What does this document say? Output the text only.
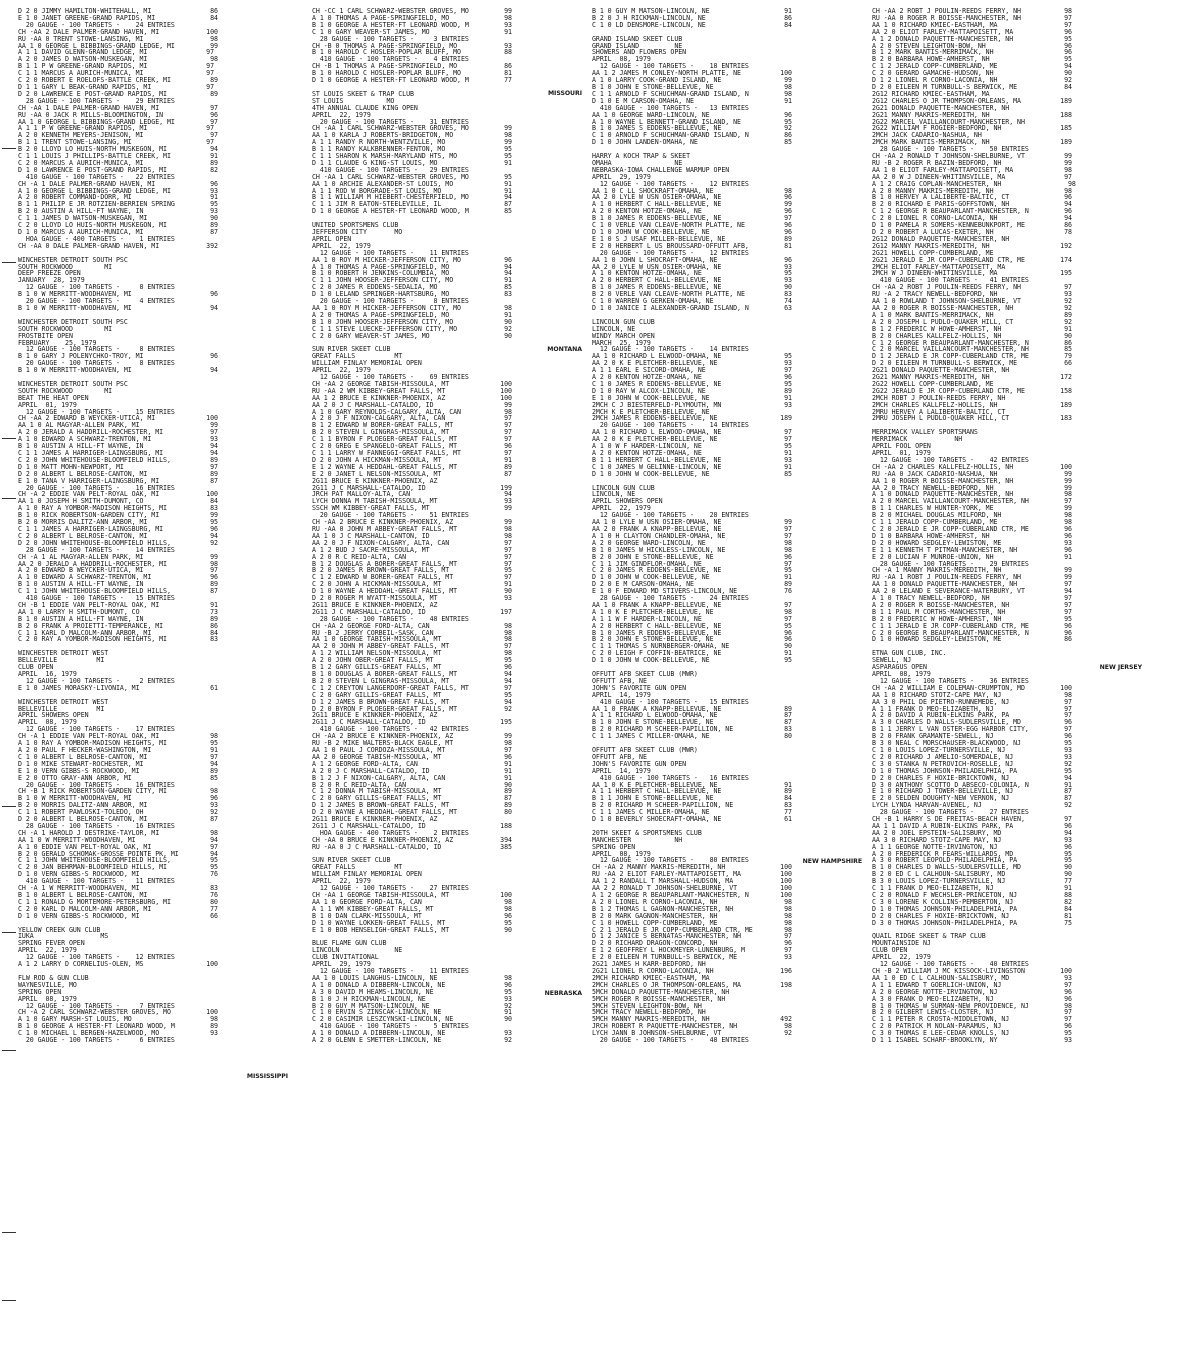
D 2 0 JIMMY HAMILTON-WHITEHALL, MI               86
E 1 0 JANET GREENE-GRAND RAPIDS, MI              84
20 GAUGE - 100 TARGETS -    24 ENTRIES
CH -AA 2 DALE PALMER-GRAND HAVEN, MI            100
RU -AA 0 TRENT STOWE-LANSING, MI                 98
AA 1 0 GEORGE L BIBBINGS-GRAND LEDGE, MI         99
A 1 1 DAVID GLENN-GRAND LEDGE, MI               97
A 2 0 JAMES D WATSON-MUSKEGAN, MI                98
B 1 1 P W GREENE-GRAND RAPIDS, MI               97
C 1 1 MARCUS A AURICH-MUNICA, MI                97
C 2 0 ROBERT E ROELOFS-BATTLE CREEK, MI          89
D 1 1 GARY L BEAK-GRAND RAPIDS, MI              97
D 2 0 LAWRENCE E POST-GRAND RAPIDS, MI           89
28 GAUGE - 100 TARGETS -    29 ENTRIES
CH -AA 1 DALE PALMER-GRAND HAVEN, MI             97
RU -AA 0 JACK R MILLS-BLOOMINGTON, IN            96
AA 1 0 GEORGE L BIBBINGS-GRAND LEDGE, MI         97
A 1 1 P W GREENE-GRAND RAPIDS, MI               97
A 2 0 KENNETH MEYERS-JENISON, MI                 97
B 1 1 TRENT STOWE-LANSING, MI                   97
B 2 0 LLOYD LO HUIS-NORTH MUSKEGON, MI           94
C 1 1 LOUIS J PHILLIPS-BATTLE CREEK, MI          91
C 2 0 MARCUS A AURICH-MUNICA, MI                 89
D 1 0 LAWRENCE E POST-GRAND RAPIDS, MI           82
410 GAUGE - 100 TARGETS -   22 ENTRIES
CH -A 1 DALE PALMER-GRAND HAVEN, MI              96
A 1 0 GEORGE L BIBBINGS-GRAND LEDGE, MI          93
A 2 0 ROBERT COMMAND-DORR, MI                    91
B 1 1 PHILIP E JR ROTZIEN-BERRIEN SPRING         95
B 2 0 AUSTIN A HILL-FT WAYNE, IN                 93
C 1 1 JAMES D WATSON-MUSKEGAN, MI                90
C 2 0 LLOYD LO HUIS-NORTH MUSKEGON, MI           89
D 1 0 MARCUS A AURICH-MUNICA, MI                 87
HOA GAUGE - 400 TARGETS -    1 ENTRIES
CH -AA 0 DALE PALMER-GRAND HAVEN, MI            392
WINCHESTER DETROIT SOUTH PSC
SOUTH ROCKWOOD        MI
DEEP FREEZE OPEN
JANUARY  28, 1979
12 GAUGE - 100 TARGETS -     8 ENTRIES
B 1 0 W MERRITT-WOODHAVEN, MI                    96
20 GAUGE - 100 TARGETS -     4 ENTRIES
B 1 0 W MERRITT-WOODHAVEN, MI                    94
WINCHESTER DETROIT SOUTH PSC
SOUTH ROCKWOOD        MI
FROSTBITE OPEN
FEBRUARY    25, 1979
12 GAUGE - 100 TARGETS -     8 ENTRIES
B 1 0 GARY J POLENYCHKO-TROY, MI                 96
20 GAUGE - 100 TARGETS -     8 ENTRIES
B 1 0 W MERRITT-WOODHAVEN, MI                    94
WINCHESTER DETROIT SOUTH PSC
SOUTH ROCKWOOD        MI
BEAT THE HEAT OPEN
APRIL  01, 1979
12 GAUGE - 100 TARGETS -    15 ENTRIES
CH -AA 2 EDWARD B WEYCKER-UTICA, MI             100
AA 1 0 AL MAGYAR-ALLEN PARK, MI                  99
A 2 0 JERALD A HADDRILL-ROCHESTER, MI            97
A 1 0 EDWARD A SCHWARZ-TRENTON, MI               93
B 1 0 AUSTIN A HILL-FT WAYNE, IN                 94
C 1 1 JAMES A HARRIGER-LAINGSBURG, MI            94
C 2 0 JOHN WHITEHOUSE-BLOOMFIELD HILLS,          89
D 1 0 MATT MOHN-NEWPORT, MI                      97
D 2 0 ALBERT L BELROSE-CANTON, MI                89
E 1 0 TANA V HARRIGER-LAINGSBURG, MI             87
20 GAUGE - 100 TARGETS -    16 ENTRIES
CH -A 2 EDDIE VAN PELT-ROYAL OAK, MI            100
AA 1 0 JOSEPH H SMITH-DUMONT, CO                 84
A 1 0 RAY A YOMBOR-MADISON HEIGHTS, MI           83
B 1 0 RICK ROBERTSON-GARDEN CITY, MI             99
B 2 0 MORRIS DALITZ-ANN ARBOR, MI                95
C 1 1 JAMES A HARRIGER-LAINGSBURG, MI            96
C 2 0 ALBERT L BELROSE-CANTON, MI                94
D 2 0 JOHN WHITEHOUSE-BLOOMFIELD HILLS,          92
28 GAUGE - 100 TARGETS -    14 ENTRIES
CH -A 1 AL MAGYAR-ALLEN PARK, MI                 99
AA 2 0 JERALD A HADDRILL-ROCHESTER, MI           98
A 2 0 EDWARD B WEYCKER-UTICA, MI                 97
A 1 0 EDWARD A SCHWARZ-TRENTON, MI               96
B 1 0 AUSTIN A HILL-FT WAYNE, IN                 89
C 1 1 JOHN WHITEHOUSE-BLOOMFIELD HILLS,          87
410 GAUGE - 100 TARGETS -   15 ENTRIES
CH -B 1 EDDIE VAN PELT-ROYAL OAK, MI             91
AA 1 0 LARRY H SMITH-DUMONT, CO                  73
B 1 0 AUSTIN A HILL-FT WAYNE, IN                 89
B 2 0 FRANK A PROIETTI-TEMPERANCE, MI            86
C 1 1 KARL D MALCOLM-ANN ARBOR, MI               84
C 2 0 RAY A YOMBOR-MADISON HEIGHTS, MI           83
WINCHESTER DETROIT WEST
BELLEVILLE          MI
CLUB OPEN
APRIL  16, 1979
12 GAUGE - 100 TARGETS -     2 ENTRIES
E 1 0 JAMES MORASKY-LIVONIA, MI                  61
WINCHESTER DETROIT WEST
BELLEVILLE          MI
APRIL SHOWERS OPEN
APRIL  08, 1979
12 GAUGE - 100 TARGETS -    17 ENTRIES
CH -A 1 EDDIE VAN PELT-ROYAL OAK, MI             98
A 1 0 RAY A YOMBOR-MADISON HEIGHTS, MI           95
A 2 0 PAUL F HECKER-WASHINGTON, MI               91
C 1 0 ALBERT L BELROSE-CANTON, MI                97
D 1 0 MIKE STEWART-ROCHESTER, MI                 94
E 1 0 VERN GIBBS-S ROCKWOOD, MI                  89
E 2 0 OTTO GRAY-ANN ARBOR, MI                    85
20 GAUGE - 100 TARGETS -    16 ENTRIES
CH -B 1 RICK ROBERTSON-GARDEN CITY, MI           98
B 1 0 W MERRITT-WOODHAVEN, MI                    96
B 2 0 MORRIS DALITZ-ANN ARBOR, MI                93
C 1 1 ROBERT PAWLOSKI-TOLEDO, OH                 92
D 2 0 ALBERT L BELROSE-CANTON, MI                87
28 GAUGE - 100 TARGETS -    16 ENTRIES
CH -A 1 HAROLD J DESTRIKE-TAYLOR, MI             98
AA 1 0 W MERRITT-WOODHAVEN, MI                   94
A 1 0 EDDIE VAN PELT-ROYAL OAK, MI               97
B 2 0 GERALD SCHOMAK-GROSSE POINTE PK, MI        94
C 1 1 JOHN WHITEHOUSE-BLOOMFIELD HILLS,          95
C 2 0 JAN BEHRMAN-BLOOMFIELD HILLS, MI           95
D 1 0 VERN GIBBS-S ROCKWOOD, MI                  76
410 GAUGE - 100 TARGETS -   11 ENTRIES
CH -A 1 W MERRITT-WOODHAVEN, MI                  83
B 1 0 ALBERT L BELROSE-CANTON, MI                76
C 1 1 RONALD G MORTEMORE-PETERSBURG, MI          80
C 2 0 KARL D MALCOLM-ANN ARBOR, MI               77
D 1 0 VERN GIBBS-S ROCKWOOD, MI                  66
YELLOW CREEK GUN CLUB
IUKA                 MS
SPRING FEVER OPEN
APRIL  22, 1979
12 GAUGE - 100 TARGETS -    12 ENTRIES
A 1 2 LARRY D CORNELIUS-OLEN, MS                100
FLW ROD & GUN CLUB
WAYNESVILLE, MO
SPRING OPEN
APRIL  08, 1979
12 GAUGE - 100 TARGETS -     7 ENTRIES
CH -A 2 CARL SCHWARZ-WEBSTER GROVES, MO         100
A 1 0 GARY MARSH-ST LOUIS, MO                    98
B 1 0 GEORGE A HESTER-FT LEONARD WOOD, M         89
C 1 0 MICHAEL L BERGEN-HAZELWOOD, MO             93
20 GAUGE - 100 TARGETS -     6 ENTRIES
MISSISSIPPI
CH -CC 1 CARL SCHWARZ-WEBSTER GROVES, MO         99
A 1 0 THOMAS A PAGE-SPRINGFIELD, MO              98
B 1 0 GEORGE A HESTER-FT LEONARD WOOD, M         93
C 1 0 GARY WEAVER-ST JAMES, MO                   91
28 GAUGE - 100 TARGETS -     3 ENTRIES
CH -B 0 THOMAS A PAGE-SPRINGFIELD, MO            93
B 1 0 HAROLD C HOSLER-POPLAR BLUFF, MO           88
410 GAUGE - 100 TARGETS -    4 ENTRIES
CH -B 1 THOMAS A PAGE-SPRINGFIELD, MO            86
B 1 0 HAROLD C HOSLER-POPLAR BLUFF, MO           81
D 1 0 GEORGE A HESTER-FT LEONARD WOOD, M         77
ST LOUIS SKEET & TRAP CLUB
ST LOUIS           MO
4TH ANNUAL CLAUDE KING OPEN
APRIL  22, 1979
20 GAUGE - 100 TARGETS -    31 ENTRIES
CH -AA 1 CARL SCHWARZ-WEBSTER GROVES, MO         99
AA 1 0 KARLA J ROBERTS-BRIDGETON, MO             98
A 1 1 RANDY R NORTH-WENTZVILLE, MO               99
B 1 1 RANDY KALKBRENNER-FENTON, MO               95
C 1 1 SHARON K MARSH-MARYLAND HTS, MO            95
D 1 1 CLAUDE G KING-ST LOUIS, MO                 91
410 GAUGE - 100 TARGETS -   29 ENTRIES
CH -AA 1 CARL SCHWARZ-WEBSTER GROVES, MO         95
AA 1 0 ARCHIE ALEXANDER-ST LOUIS, MO             91
A 1 1 ROD W BORGRADE-ST LOUIS, MO                91
B 1 1 WILLIAM M HIEBERT-CHESTERFIELD, MO         94
C 1 1 JIM R EATON-STEELEVILLE, IL                87
D 1 0 GEORGE A HESTER-FT LEONARD WOOD, M         85
UNITED SPORTSMENS CLUB
JEFFERSON CITY       MO
APRIL OPEN
APRIL  22, 1979
12 GAUGE - 100 TARGETS -    11 ENTRIES
AA 1 0 ROY M HICKER-JEFFERSON CITY, MO           96
A 1 0 THOMAS A PAGE-SPRINGFIELD, MO              94
B 1 0 ROBERT H JENKINS-COLUMBIA, MO              94
C 1 1 JOHN HOOSER-JEFFERSON CITY, MO             91
C 2 0 JAMES R EDDENS-SEDALIA, MO                 85
D 1 0 LELAND SPRINGER-HARTSBURG, MO              83
20 GAUGE - 100 TARGETS -     8 ENTRIES
AA 1 0 ROY M HICKER-JEFFERSON CITY, MO           98
A 2 0 THOMAS A PAGE-SPRINGFIELD, MO              91
B 1 0 JOHN HOOSER-JEFFERSON CITY, MO             90
C 1 1 STEVE LUECKE-JEFFERSON CITY, MO            92
C 2 0 GARY WEAVER-ST JAMES, MO                   90
SUN RIVER SKEET CLUB
GREAT FALLS          MT
WILLIAM FINLAY MEMORIAL OPEN
APRIL  22, 1979
12 GAUGE - 100 TARGETS -    69 ENTRIES
CH -AA 2 GEORGE TABISH-MISSOULA, MT             100
RU -AA 2 WM KIBBEY-GREAT FALLS, MT              100
AA 1 2 BRUCE E KINKNER-PHOENIX, AZ              100
AA 2 0 J C MARSHALL-CATALDO, ID                  99
A 1 0 GARY REYNOLDS-CALGARY, ALTA, CAN           98
A 2 0 J F NIXON-CALGARY, ALTA, CAN               97
B 1 2 EDWARD W BORER-GREAT FALLS, MT             97
B 2 0 STEVEN L GINGRAS-MISSOULA, MT              97
C 1 1 BYRON F PLOEGER-GREAT FALLS, MT            97
C 2 0 GREG E SPANGELO-GREAT FALLS, MT            96
C 1 1 LARRY W FANNEGGI-GREAT FALLS, MT           97
D 2 0 JOHN A HICKMAN-MISSOULA, MT                91
E 1 2 WAYNE A HEDDAHL-GREAT FALLS, MT            89
E 2 0 JANET L NELSON-MISSOULA, MT                87
2G11 BRUCE E KINKNER-PHOENIX, AZ
2G11 J C MARSHALL-CATALDO, ID                   199
JRCH PAT MALLOY-ALTA, CAN                        94
LYCH DONNA M TABISH-MISSOULA, MT                 93
SSCH WM KIBBEY-GREAT FALLS, MT                   99
20 GAUGE - 100 TARGETS -    51 ENTRIES
CH -AA 2 BRUCE E KINKNER-PHOENIX, AZ             99
RU -AA 0 JOHN M ABBEY-GREAT FALLS, MT            98
AA 1 0 J C MARSHALL-CANTON, ID                   98
AA 2 0 J F NIXON-CALGARY, ALTA, CAN              97
A 1 2 BUD J SACRE-MISSOULA, MT                   97
A 2 0 R C REID-ALTA, CAN                         97
B 1 2 DOUGLAS A BORER-GREAT FALLS, MT            97
B 2 0 JAMES R BROWN-GREAT FALLS, MT              95
C 1 2 EDWARD W BORER-GREAT FALLS, MT             97
C 2 0 JOHN A HICKMAN-MISSOULA, MT                91
D 1 0 WAYNE A HEDDAHL-GREAT FALLS, MT            90
D 2 0 ROGER M WYATT-MISSOULA, MT                 93
2G11 BRUCE E KINKNER-PHOENIX, AZ
2G11 J C MARSHALL-CATALDO, ID                   197
28 GAUGE - 100 TARGETS -    48 ENTRIES
CH -AA 2 GEORGE FORD-ALTA, CAN                   98
RU -B 2 JERRY CORBEIL-SASK, CAN                  98
AA 1 0 GEORGE TABISH-MISSOULA, MT                98
AA 2 0 JOHN M ABBEY-GREAT FALLS, MT              97
A 1 2 WILLIAM NELSON-MISSOULA, MT                98
A 2 0 JOHN OBER-GREAT FALLS, MT                  95
B 1 2 GARY GILLIS-GREAT FALLS, MT                96
B 1 0 DOUGLAS A BORER-GREAT FALLS, MT            94
B 2 0 STEVEN L GINGRAS-MISSOULA, MT              94
C 1 2 CREYTON LANGERDORF-GREAT FALLS, MT         97
C 2 0 GARY GILLIS-GREAT FALLS, MT                95
D 1 2 JAMES B BROWN-GREAT FALLS, MT              94
D 2 0 BYRON F PLOEGER-GREAT FALLS, MT            92
2G11 BRUCE E KINKNER-PHOENIX, AZ
2G11 J C MARSHALL-CATALDO, ID                   195
410 GAUGE - 100 TARGETS -   42 ENTRIES
CH -AA 2 BRUCE E KINKNER-PHOENIX, AZ             99
RU -B 2 MIKE WALTERS-BLACK EAGLE, MT             98
AA 1 0 PAUL J CORDOZA-MISSOULA, MT               97
AA 2 0 GEORGE TABISH-MISSOULA, MT                96
A 1 2 GEORGE FORD-ALTA, CAN                      91
A 2 0 J C MARSHALL-CATALDO, ID                   91
B 1 2 J F NIXON-CALGARY, ALTA, CAN               91
B 2 0 R C REID-ALTA, CAN                         90
C 1 2 DONNA M TABISH-MISSOULA, MT                89
C 2 0 GARY GILLIS-GREAT FALLS, MT                87
D 1 2 JAMES B BROWN-GREAT FALLS, MT              89
D 2 0 WAYNE A HEDDAHL-GREAT FALLS, MT            80
2G11 BRUCE E KINKNER-PHOENIX, AZ
2G11 J C MARSHALL-CATALDO, ID                   188
HOA GAUGE - 400 TARGETS -    2 ENTRIES
CH -AA 0 BRUCE E KINKNER-PHOENIX, AZ            394
RU -AA 0 J C MARSHALL-CATALDO, ID               385
SUN RIVER SKEET CLUB
GREAT FALLS          MT
WILLIAM FINLAY MEMORIAL OPEN
APRIL  22, 1979
12 GAUGE - 100 TARGETS -    27 ENTRIES
CH -AA 1 GEORGE TABISH-MISSOULA, MT             100
AA 1 0 GEORGE FORD-ALTA, CAN                     98
A 1 1 WM KIBBEY-GREAT FALLS, MT                  98
B 1 0 DAN CLARK-MISSOULA, MT                     96
D 1 0 WAYNE LOKKEN-GREAT FALLS, MT               95
E 1 0 BOB HENSELIGH-GREAT FALLS, MT              90
BLUE FLAME GUN CLUB
LINCOLN              NE
CLUB INVITATIONAL
APRIL  29, 1979
12 GAUGE - 100 TARGETS -    11 ENTRIES
AA 1 0 LOUIS LANGHUS-LINCOLN, NE                 98
A 1 0 DONALD A DIBBERN-LINCOLN, NE               96
A 3 0 DAVID M HEAMS-LINCOLN, NE                  95
B 1 0 J H RICKMAN-LINCOLN, NE                    93
B 2 0 GUY M MATSON-LINCOLN, NE                   92
C 1 0 ERVIN S ZINSCAK-LINCOLN, NE                91
C 2 0 CASIMIR LESZCYNSKI-LINCOLN, NE             90
410 GAUGE - 100 TARGETS -    5 ENTRIES
A 1 0 DONALD A DIBBERN-LINCOLN, NE               93
A 2 0 GLENN E SMETTER-LINCOLN, NE                92
MISSOURI
MONTANA
NEBRASKA
B 1 0 GUY M MATSON-LINCOLN, NE                   91
B 2 0 J H RICKMAN-LINCOLN, NE                    86
C 1 0 LD DENSMORE-LINCOLN, NE                    84
GRAND ISLAND SKEET CLUB
GRAND ISLAND         NE
SHOWERS AND FLOWERS OPEN
APRIL  08, 1979
12 GAUGE - 100 TARGETS -    18 ENTRIES
AA 1 2 JAMES M CONLEY-NORTH PLATTE, NE          100
A 1 0 LARRY COOK-GRAND ISLAND, NE                99
B 1 0 JOHN E STONE-BELLEVUE, NE                  98
C 1 1 ARNOLD F SCHUCHMAN-GRAND ISLAND, N         98
D 1 0 E M CARSON-OMAHA, NE                       91
410 GAUGE - 100 TARGETS -   13 ENTRIES
AA 1 0 GEORGE WARD-LINCOLN, NE                   96
A 1 0 WAYNE L BENNETT-GRAND ISLAND, NE           95
B 1 0 JAMES S EDDENS-BELLEVUE, NE                92
C 1 0 ARNOLD F SCHUCHMAN-GRAND ISLAND, N         86
D 1 0 JOHN LANDEN-OMAHA, NE                      85
HARRY A KOCH TRAP & SKEET
OMAHA                NE
NEBRASKA-IOWA CHALLENGE WARMUP OPEN
APRIL  29, 1979
12 GAUGE - 100 TARGETS -    12 ENTRIES
AA 1 0 C LL SHOCKRAFT-OMAHA, NE                  98
AA 2 0 LYLE W USN OSIER-OMAHA, NE                96
A 1 0 HERBERT C HALL-BELLEVUE, NE                99
A 2 0 KENTON HOTZE-OMAHA, NE                     96
B 1 0 JAMES R EDDENS-BELLEVUE, NE                97
C 1 0 VERLE VAN CLEAVE-NORTH PLATTE, NE          96
D 1 0 JOHN W COOK-BELLEVUE, NE                   96
E 1 0 S J USAF MILLER-BELLEVUE, NE               89
E 2 0 HERBERT L US BROUSSARD-OFFUTT AFB,         81
20 GAUGE - 100 TARGETS -    12 ENTRIES
AA 1 0 JOHN L SHOCRAFT-OMAHA, NE                 96
AA 2 0 LYLE W USN OSIER-OMAHA, NE                93
A 1 0 KENTON HOTZE-OMAHA, NE                     95
A 2 0 HERBERT C HALL-BELLEVUE, NE                93
B 1 0 JAMES R EDDENS-BELLEVUE, NE                90
B 2 0 VERLE VAN CLEAVE-NORTH PLATTE, NE          83
C 1 0 WARREN G GERKEN-OMAHA, NE                  74
D 1 0 JANICE I ALEXANDER-GRAND ISLAND, N         63
LINCOLN GUN CLUB
LINCOLN, NE
WINDY MARCH OPEN
MARCH  25, 1979
12 GAUGE - 100 TARGETS -    14 ENTRIES
AA 1 0 RICHARD L ELWOOD-OMAHA, NE                95
AA 2 0 K E PLETCHER-BELLEVUE, NE                 93
A 1 1 EARL E SICORD-OMAHA, NE                    97
A 2 0 KENTON HOTZE-OMAHA, NE                     96
C 1 0 JAMES R EDDENS-BELLEVUE, NE                95
D 1 0 RAY W ALCOX-LINCOLN, NE                    89
E 1 0 JOHN W COOK-BELLEVUE, NE                   91
2MCH C J BIESTERFELD-PLYMOUTH, MN                93
2MCH K E PLETCHER-BELLEVUE, NE
2MCH JAMES R EDDENS-BELLEVUE, NE                189
20 GAUGE - 100 TARGETS -    14 ENTRIES
AA 1 0 RICHARD L ELWOOD-OMAHA, NE                97
AA 2 0 K E PLETCHER-BELLEVUE, NE                 97
A 1 0 W F HARDER-LINCOLN, NE                     95
A 2 0 KENTON HOTZE-OMAHA, NE                     91
B 1 1 HERBERT C HALL-BELLEVUE, NE                93
C 1 0 JAMES W GELINNE-LINCOLN, NE                91
D 1 0 JOHN W COOK-BELLEVUE, NE                   85
LINCOLN GUN CLUB
LINCOLN, NE
APRIL SHOWERS OPEN
APRIL  22, 1979
12 GAUGE - 100 TARGETS -    28 ENTRIES
AA 1 0 LYLE W USN OSIER-OMAHA, NE                99
AA 2 0 FRANK A KNAPP-BELLEVUE, NE                97
A 1 0 H CLAYTON CHANDLER-OMAHA, NE               97
A 2 0 GEORGE WARD-LINCOLN, NE                    98
B 1 0 JAMES W HICKLESS-LINCOLN, NE               98
B 2 0 JOHN E STONE-BELLEVUE, NE                  96
C 1 1 JIM GINDFLOR-OMAHA, NE                     97
C 2 0 JAMES R EDDENS-BELLEVUE, NE                95
D 1 0 JOHN W COOK-BELLEVUE, NE                   91
D 2 0 E M CARSON-OMAHA, NE                       89
E 1 0 F EDWARD MD STIVERS-LINCOLN, NE            76
28 GAUGE - 100 TARGETS -    24 ENTRIES
AA 1 0 FRANK A KNAPP-BELLEVUE, NE                97
A 1 0 K E PLETCHER-BELLEVUE, NE                  98
A 1 1 W F HARDER-LINCOLN, NE                     97
A 2 0 HERBERT C HALL-BELLEVUE, NE                95
B 1 0 JAMES R EDDENS-BELLEVUE, NE                96
B 2 0 JOHN E STONE-BELLEVUE, NE                  96
C 1 1 THOMAS S NURNBERGER-OMAHA, NE              90
C 2 0 LEIGH F COFFIN-BEATRICE, NE                91
D 1 0 JOHN W COOK-BELLEVUE, NE                   95
OFFUTT AFB SKEET CLUB (MWR)
OFFUTT AFB, NE
JOHN'S FAVORITE GUN OPEN
APRIL  14, 1979
410 GAUGE - 100 TARGETS -   15 ENTRIES
AA 1 0 FRANK A KNAPP-BELLEVUE, NE                89
A 1 1 RICHARD L ELWOOD-OMAHA, NE                 87
B 1 0 JOHN E STONE-BELLEVUE, NE                  87
B 2 0 RICHARD M SCHEER-PAPILLION, NE             83
C 1 1 JAMES C MILLER-OMAHA, NE                   80
OFFUTT AFB SKEET CLUB (MWR)
OFFUTT AFB, NE
JOHN'S FAVORITE GUN OPEN
APRIL  14, 1979
410 GAUGE - 100 TARGETS -   16 ENTRIES
AA 1 0 K E PLETCHER-BELLEVUE, NE                 91
A 1 1 HERBERT C HALL-BELLEVUE, NE                89
B 1 1 JOHN E STONE-BELLEVUE, NE                  84
B 2 0 RICHARD M SCHEER-PAPILLION, NE             83
C 1 1 JAMES C MILLER-OMAHA, NE                   77
D 1 0 BEVERLY SHOECRAFT-OMAHA, NE                61
20TH SKEET & SPORTSMENS CLUB
MANCHESTER           NH
SPRING OPEN
APRIL  08, 1979
12 GAUGE - 100 TARGETS -    80 ENTRIES
CH -AA 2 MANNY MAKRIS-MEREDITH, NH              100
RU -AA 2 ELIOT FARLEY-MATTAPOISETT, MA          100
AA 1 2 RANDALL T MARSHALL-HUDSON, MA            100
AA 2 2 RONALD T JOHNSON-SHELBURNE, VT           100
A 1 2 GEORGE R BEAUPARLANT-MANCHESTER, N        100
A 2 0 LIONEL R CORNO-LACONIA, NH                 98
B 1 2 THOMAS L GAGNON-MANCHESTER, NH             98
B 2 0 MARK GAGNON-MANCHESTER, NH                 98
C 1 0 HOWELL COPP-CUMBERLAND, ME                 98
C 2 1 JERALD E JR COPP-CUMBERLAND CTR, ME        98
D 1 2 JANICE S BERNATAS-MANCHESTER, NH           97
D 2 0 RICHARD DRAGON-CONCORD, NH                 96
E 1 2 GEOFFREY L HOCKMEYER-LUNENBURG, M          97
E 2 0 EILEEN M TURNBULL-S BERWICK, ME            93
2G21 JAMES H KARR-BEDFORD, NH
2G21 LIONEL R CORNO-LACONIA, NH                 196
2MCH RICHARD KMIEC-EASTHAM, MA
2MCH CHARLES O JR THOMPSON-ORLEANS, MA          198
5MCH DONALD PAQUETTE-MANCHESTER, NH
5MCH ROGER R BOISSE-MANCHESTER, NH
5MCH STEVEN LEIGHTON-BOW, NH
5MCH TRACY NEWELL-BEDFORD, NH
5MCH MANNY MAKRIS-MEREDITH, NH                  492
JRCH ROBERT R PAQUETTE-MANCHESTER, NH            98
LYCH JANN B JOHNSON-SHELBURNE, VT                92
20 GAUGE - 100 TARGETS -    48 ENTRIES
NEW HAMPSHIRE
CH -AA 2 ROBT J POULIN-REEDS FERRY, NH           98
RU -AA 0 ROGER R BOISSE-MANCHESTER, NH           97
AA 1 0 RICHARD KMIEC-EASTHAM, MA                 97
AA 2 0 ELIOT FARLEY-MATTAPOISETT, MA             96
A 1 2 DONALD PAQUETTE-MANCHESTER, NH             95
A 2 0 STEVEN LEIGHTON-BOW, NH                    96
B 1 2 MARK BANTIS-MERRIMACK, NH                  96
B 2 0 BARBARA HOWE-AMHERST, NH                   95
C 1 2 JERALD COPP-CUMBERLAND, ME                 94
C 2 0 GERARD GAMACHE-HUDSON, NH                  90
D 1 2 LIONEL R CORNO-LACONIA, NH                 92
D 2 0 EILEEN M TURNBULL-S BERWICK, ME            84
2G12 RICHARD KMIEC-EASTHAM, MA
2G12 CHARLES O JR THOMPSON-ORLEANS, MA          189
2G21 DONALD PAQUETTE-MANCHESTER, NH
2G21 MANNY MAKRIS-MEREDITH, NH                  188
2G22 MARCEL VAILLANCOURT-MANCHESTER, NH
2G22 WILLIAM F ROGIER-BEDFORD, NH               185
2MCH JACK CADARIO-NASHUA, NH
2MCH MARK BANTIS-MERRIMACK, NH                  189
28 GAUGE - 100 TARGETS -    50 ENTRIES
CH -AA 2 RONALD T JOHNSON-SHELBURNE, VT          99
RU -B 2 ROGER R BAZIN-BEDFORD, NH                99
AA 1 0 ELIOT FARLEY-MATTAPOISETT, MA             98
AA 2 0 W J DINEEN-WHITINSVILLE, MA               97
A 1 2 CRAIG COPLAN-MANCHESTER, NH                 98
A 2 0 MANNY MAKRIS-MEREDITH, NH                  98
B 1 0 HERVEY A LALIBERTE-BALTIC, CT              96
B 2 0 RICHARD E PARIS-GOFFSTOWN, NH              94
C 1 2 GEORGE R BEAUPARLANT-MANCHESTER, N         96
C 2 0 LIONEL R CORNO-LACONIA, NH                 94
D 1 0 PAMELA R SOMERS-KENNEBUNKPORT, ME          86
D 2 0 ROBERT A LUCAS-EXETER, NH                  78
2G12 DONALD PAQUETTE-MANCHESTER, NH
2G12 MANNY MAKRIS-MEREDITH, NH                  192
2G21 HOWELL COPP-CUMBERLAND, ME
2G21 JERALD E JR COPP-CUBERLAND CTR, ME         174
2MCH ELIOT FARLEY-MATTAPOISETT, MA
2MCH W J DINEEN-WHITINSVILLE, MA                195
410 GAUGE - 100 TARGETS -   41 ENTRIES
CH -AA 2 ROBT J POULIN-REEDS FERRY, NH           97
RU -A 2 TRACY NEWELL-BEDFORD, NH                 93
AA 1 0 ROWLAND T JOHNSON-SHELBURNE, VT           92
AA 2 0 ROGER R BOISSE-MANCHESTER, NH             92
A 1 0 MARK BANTIS-MERRIMACK, NH                  89
A 2 0 JOSEPH L PUDLO-QUAKER HILL, CT             92
B 1 2 FREDERIC W HOWE-AMHERST, NH                91
B 2 0 CHARLES KALLFELZ-HOLLIS, NH                90
C 1 2 GEORGE R BEAUPARLANT-MANCHESTER, N         86
C 2 0 MARCEL VAILLANCOURT-MANCHESTER, NH         85
D 1 2 JERALD E JR COPP-CUBERLAND CTR, ME         79
D 2 0 EILEEN M TURNBULL-S BERWICK, ME            66
2G21 DONALD PAQUETTE-MANCHESTER, NH
2G21 MANNY MAKRIS-MEREDITH, NH                  172
2G22 HOWELL COPP-CUMBERLAND, ME
2G22 JERALD E JR COPP-CUBERLAND CTR, ME         158
2MCH ROBT J POULIN-REEDS FERRY, NH
2MCH CHARLES KALLFELZ-HOLLIS, NH                189
2MRU HERVEY A LALIBERTE-BALTIC, CT
2MRU JOSEPH L PUDLO-QUAKER HILL, CT             183
MERRIMACK VALLEY SPORTSMANS
MERRIMACK            NH
APRIL FOOL OPEN
APRIL  01, 1979
12 GAUGE - 100 TARGETS -    42 ENTRIES
CH -AA 2 CHARLES KALLFELZ-HOLLIS, NH            100
RU -AA 0 JACK CADARIO-NASHUA, NH                 99
AA 1 0 ROGER R BOISSE-MANCHESTER, NH             99
AA 2 0 TRACY NEWELL-BEDFORD, NH                  99
A 1 0 DONALD PAQUETTE-MANCHESTER, NH             98
A 2 0 MARCEL VAILLANCOURT-MANCHESTER, NH         97
B 1 1 CHARLES W HUNTER-YORK, ME                  99
B 2 0 MICHAEL DOUGLAS MILFORD, NH                98
C 1 1 JERALD COPP-CUMBERLAND, ME                 98
C 2 0 JERALD E JR COPP-CUBERLAND CTR, ME         96
D 1 0 BARBARA HOWE-AMHERST, NH                   96
D 2 0 HOWARD SEDGLEY-LEWISTON, ME                93
E 1 1 KENNETH T PITMAN-MANCHESTER, NH            96
E 2 0 LUCIAN F MUNROE-UNION, NH                  91
28 GAUGE - 100 TARGETS -    29 ENTRIES
CH -A 1 MANNY MAKRIS-MEREDITH, NH                99
RU -AA 1 ROBT J POULIN-REEDS FERRY, NH           99
AA 1 0 DONALD PAQUETTE-MANCHESTER, NH            97
AA 2 0 LELAND E SEVERANCE-WATERBURY, VT          94
A 1 0 TRACY NEWELL-BEDFORD, NH                   97
A 2 0 ROGER R BOISSE-MANCHESTER, NH              97
B 1 1 PAUL M CORTHS-MANCHESTER, NH               97
B 2 0 FREDERIC W HOWE-AMHERST, NH                95
C 1 1 JERALD E JR COPP-CUBERLAND CTR, ME         96
C 2 0 GEORGE R BEAUPARLANT-MANCHESTER, N         96
D 1 0 HOWARD SEDGLEY-LEWISTON, ME                86
ETNA GUN CLUB, INC.
SEWELL, NJ
ASPARAGUS OPEN
APRIL  08, 1979
12 GAUGE - 100 TARGETS -    36 ENTRIES
CH -AA 2 WILLIAM E COLEMAN-CRUMPTON, MD         100
AA 1 0 RICHARD STOTZ-CAPE MAY, NJ                98
AA 3 0 PHIL DE PIETRO-RUNNEMEDE, NJ              97
A 1 1 FRANK D MEO-ELIZABETH, NJ                  97
A 2 0 DAVID A RUBIN-ELKINS PARK, PA              97
A 3 0 CHARLES D WALLS-SUDLERSVILLE, MD           96
B 1 1 JERRY L VAN OSTER-EGG HARBOR CITY,         97
B 2 0 FRANK GRAMANTE-SEWELL, NJ                  96
B 3 0 NEAL C MORSCHAUSER-BLACKWOOD, NJ           95
C 1 0 LOUIS LOPEZ-TURNERSVILLE, NJ               93
C 2 0 RICHARD J AMELIO-SOMERDALE, NJ             93
C 3 0 STANKA N PETROVICH-ROSELLE, NJ             92
D 1 0 THOMAS JOHNSON-PHILADELPHIA, PA            95
D 2 0 CHARLES F HOXIE-BRICKTOWN, NJ              94
D 3 0 ANTHONY SCOTTO D ABSECO-COLONIA, N         91
E 1 0 RICHARD J TOWER-BELLEVILLE, NJ             87
E 2 0 SELDEN DOUGHTY-NEW VERNON, NJ              87
LYCH LYNDA HARVAN-AVENEL, NJ                     92
28 GAUGE - 100 TARGETS -    27 ENTRIES
CH -B 1 HARRY S DE FREITAS-BEACH HAVEN,          97
AA 1 1 DAVID A RUBIN-ELKINS PARK, PA             96
AA 2 0 JOEL EPSTEIN-SALISBURY, MD                94
AA 3 0 RICHARD STOTZ-CAPE MAY, NJ                93
A 1 1 GEORGE NOTTE-IRVINGTON, NJ                 96
A 2 0 FREDERICK R FEARS-WILLARDS, MD             95
A 3 0 ROBERT LEOPOLD-PHILADELPHIA, PA            95
B 1 0 CHARLES D WALLS-SUDLERSVILLE, MD           90
B 2 0 ED C L CALHOUN-SALISBURY, MD               90
B 3 0 LOUIS LOPEZ-TURNERSVILLE, NJ               77
C 1 1 FRANK D MEO-ELIZABETH, NJ                  91
C 2 0 RONALD F WECHSLER-PRINCETON, NJ            88
C 3 0 LORENE K COLLINS-PEMBERTON, NJ             82
D 1 0 THOMAS JOHNSON-PHILADELPHIA, PA            84
D 2 0 CHARLES F HOXIE-BRICKTOWN, NJ              81
D 3 0 THOMAS JOHNSON-PHILADELPHIA, PA            75
QUAIL RIDGE SKEET & TRAP CLUB
MOUNTAINSIDE NJ
CLUB OPEN
APRIL  22, 1979
12 GAUGE - 100 TARGETS -    40 ENTRIES
CH -B 2 WILLIAM J MC KISSOCK-LIVINGSTON         100
AA 1 0 ED C L CALHOUN-SALISBURY, MD              93
A 1 1 EDWARD T GOERLICH-UNION, NJ                97
A 2 0 GEORGE NOTTE-IRVINGTON, NJ                 96
A 3 0 FRANK D MEO-ELIZABETH, NJ                  96
B 1 0 THOMAS W SURMAN-NEW PROVIDENCE, NJ         98
B 2 0 GILBERT LEWIS-CLOSTER, NJ                  97
C 1 1 PETER R CROSTA-MIDDLETOWN, NJ              97
C 2 0 PATRICK M NOLAN-PARAMUS, NJ                96
C 3 0 THOMAS E LEE-CEDAR KNOLLS, NJ              95
D 1 1 ISABEL SCHARF-BROOKLYN, NY                 93
NEW JERSEY
